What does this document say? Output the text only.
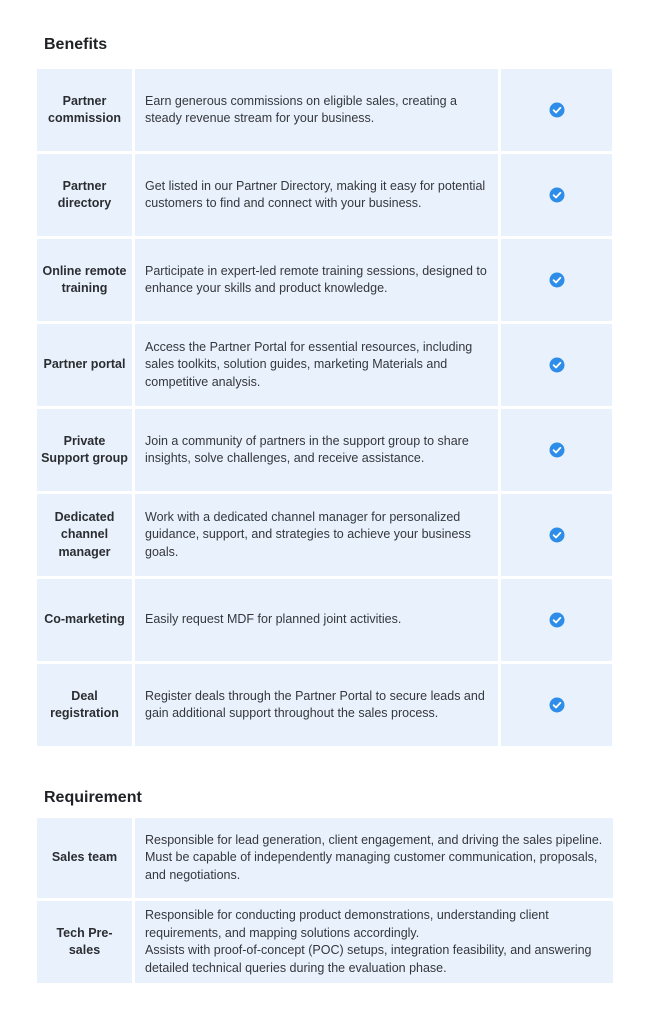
Benefits
Partner commission
Earn generous commissions on eligible sales, creating a steady revenue stream for your business.
Partner directory
Get listed in our Partner Directory, making it easy for potential customers to find and connect with your business.
Online remote training
Participate in expert-led remote training sessions, designed to enhance your skills and product knowledge.
Partner portal
Access the Partner Portal for essential resources, including sales toolkits, solution guides, marketing Materials and competitive analysis.
Private Support group
Join a community of partners in the support group to share insights, solve challenges, and receive assistance.
Dedicated channel manager
Work with a dedicated channel manager for personalized guidance, support, and strategies to achieve your business goals.
Co-marketing	Easily request MDF for planned joint activities.
Deal registration
Register deals through the Partner Portal to secure leads and gain additional support throughout the sales process.
Requirement
Sales team
Responsible for lead generation, client engagement, and driving the sales pipeline.
Must be capable of independently managing customer communication, proposals, and negotiations.
Tech Pre-sales
Responsible for conducting product demonstrations, understanding client requirements, and mapping solutions accordingly.
Assists with proof-of-concept (POC) setups, integration feasibility, and answering detailed technical queries during the evaluation phase.
